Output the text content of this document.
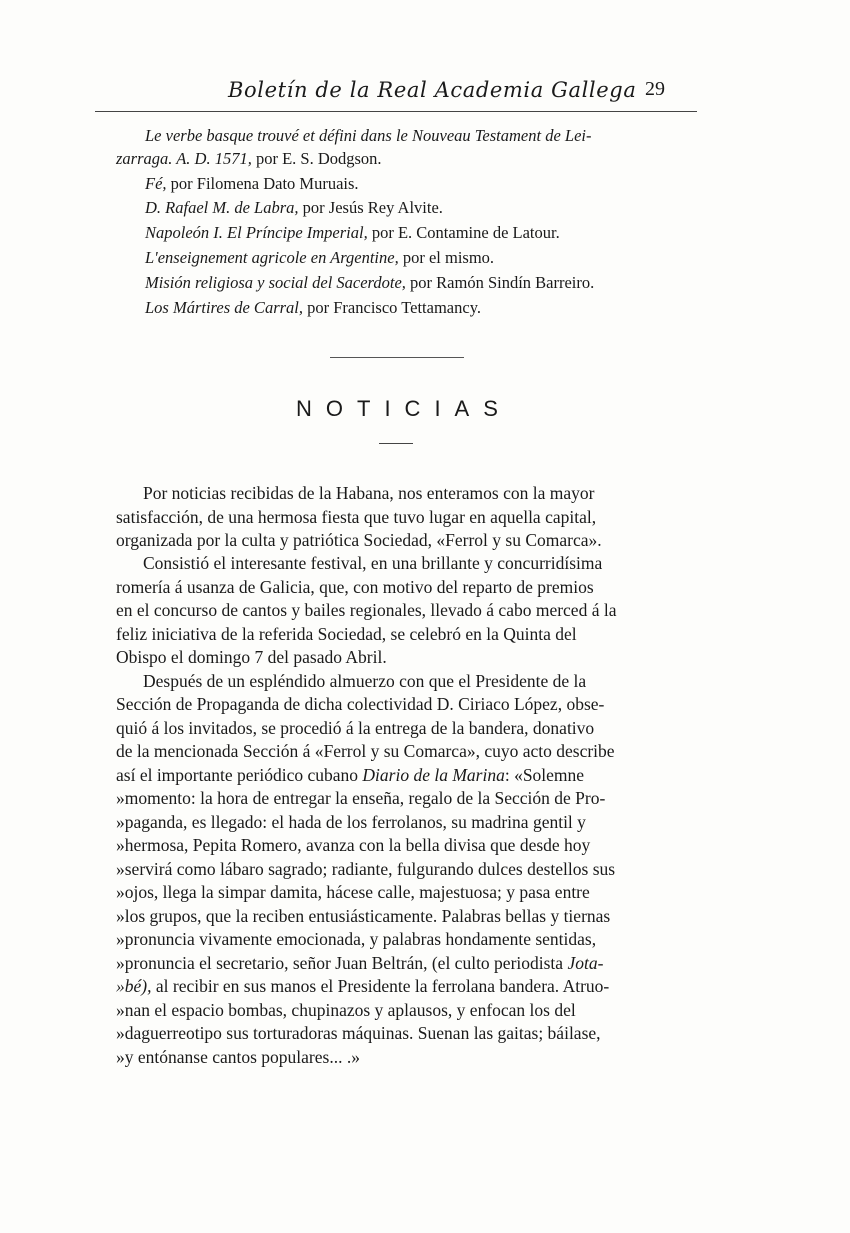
Boletín de la Real Academia Gallega 29
Le verbe basque trouvé et défini dans le Nouveau Testament de Lei-
zarraga. A. D. 1571, por E. S. Dodgson.
Fé, por Filomena Dato Muruais.
D. Rafael M. de Labra, por Jesús Rey Alvite.
Napoleón I. El Príncipe Imperial, por E. Contamine de Latour.
L'enseignement agricole en Argentine, por el mismo.
Misión religiosa y social del Sacerdote, por Ramón Sindín Barreiro.
Los Mártires de Carral, por Francisco Tettamancy.
NOTICIAS
Por noticias recibidas de la Habana, nos enteramos con la mayor
satisfacción, de una hermosa fiesta que tuvo lugar en aquella capital,
organizada por la culta y patriótica Sociedad, «Ferrol y su Comarca».
Consistió el interesante festival, en una brillante y concurridísima
romería á usanza de Galicia, que, con motivo del reparto de premios
en el concurso de cantos y bailes regionales, llevado á cabo merced á la
feliz iniciativa de la referida Sociedad, se celebró en la Quinta del
Obispo el domingo 7 del pasado Abril.
Después de un espléndido almuerzo con que el Presidente de la
Sección de Propaganda de dicha colectividad D. Ciriaco López, obse-
quió á los invitados, se procedió á la entrega de la bandera, donativo
de la mencionada Sección á «Ferrol y su Comarca», cuyo acto describe
así el importante periódico cubano Diario de la Marina: «Solemne
»momento: la hora de entregar la enseña, regalo de la Sección de Pro-
»paganda, es llegado: el hada de los ferrolanos, su madrina gentil y
»hermosa, Pepita Romero, avanza con la bella divisa que desde hoy
»servirá como lábaro sagrado; radiante, fulgurando dulces destellos sus
»ojos, llega la simpar damita, hácese calle, majestuosa; y pasa entre
»los grupos, que la reciben entusiásticamente. Palabras bellas y tiernas
»pronuncia vivamente emocionada, y palabras hondamente sentidas,
»pronuncia el secretario, señor Juan Beltrán, (el culto periodista Jota-
»bé), al recibir en sus manos el Presidente la ferrolana bandera. Atruo-
»nan el espacio bombas, chupinazos y aplausos, y enfocan los del
»daguerreotipo sus torturadoras máquinas. Suenan las gaitas; báilase,
»y entónanse cantos populares... .»
